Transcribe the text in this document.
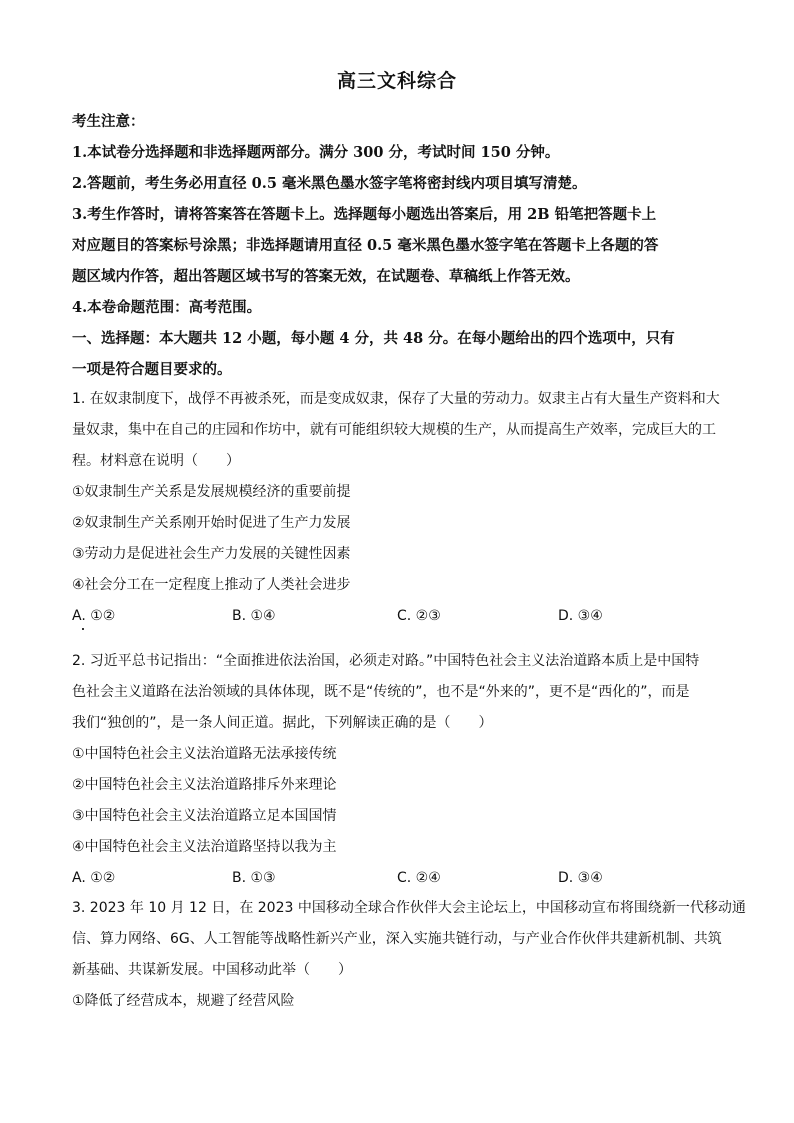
高三文科综合
考生注意：
1.本试卷分选择题和非选择题两部分。满分 300 分，考试时间 150 分钟。
2.答题前，考生务必用直径 0.5 毫米黑色墨水签字笔将密封线内项目填写清楚。
3.考生作答时，请将答案答在答题卡上。选择题每小题选出答案后，用 2B 铅笔把答题卡上
对应题目的答案标号涂黑；非选择题请用直径 0.5 毫米黑色墨水签字笔在答题卡上各题的答
题区域内作答，超出答题区域书写的答案无效，在试题卷、草稿纸上作答无效。
4.本卷命题范围：高考范围。
一、选择题：本大题共 12 小题，每小题 4 分，共 48 分。在每小题给出的四个选项中，只有
一项是符合题目要求的。
1. 在奴隶制度下，战俘不再被杀死，而是变成奴隶，保存了大量的劳动力。奴隶主占有大量生产资料和大
量奴隶，集中在自己的庄园和作坊中，就有可能组织较大规模的生产，从而提高生产效率，完成巨大的工
程。材料意在说明（　　）
①奴隶制生产关系是发展规模经济的重要前提
②奴隶制生产关系刚开始时促进了生产力发展
③劳动力是促进社会生产力发展的关键性因素
④社会分工在一定程度上推动了人类社会进步
A. ①②	B. ①④	C. ②③	D. ③④
2. 习近平总书记指出：“全面推进依法治国，必须走对路。”中国特色社会主义法治道路本质上是中国特
色社会主义道路在法治领域的具体体现，既不是“传统的”，也不是“外来的”，更不是“西化的”，而是
我们“独创的”，是一条人间正道。据此，下列解读正确的是（　　）
①中国特色社会主义法治道路无法承接传统
②中国特色社会主义法治道路排斥外来理论
③中国特色社会主义法治道路立足本国国情
④中国特色社会主义法治道路坚持以我为主
A. ①②	B. ①③	C. ②④	D. ③④
3. 2023 年 10 月 12 日，在 2023 中国移动全球合作伙伴大会主论坛上，中国移动宣布将围绕新一代移动通
信、算力网络、6G、人工智能等战略性新兴产业，深入实施共链行动，与产业合作伙伴共建新机制、共筑
新基础、共谋新发展。中国移动此举（　　）
①降低了经营成本，规避了经营风险
